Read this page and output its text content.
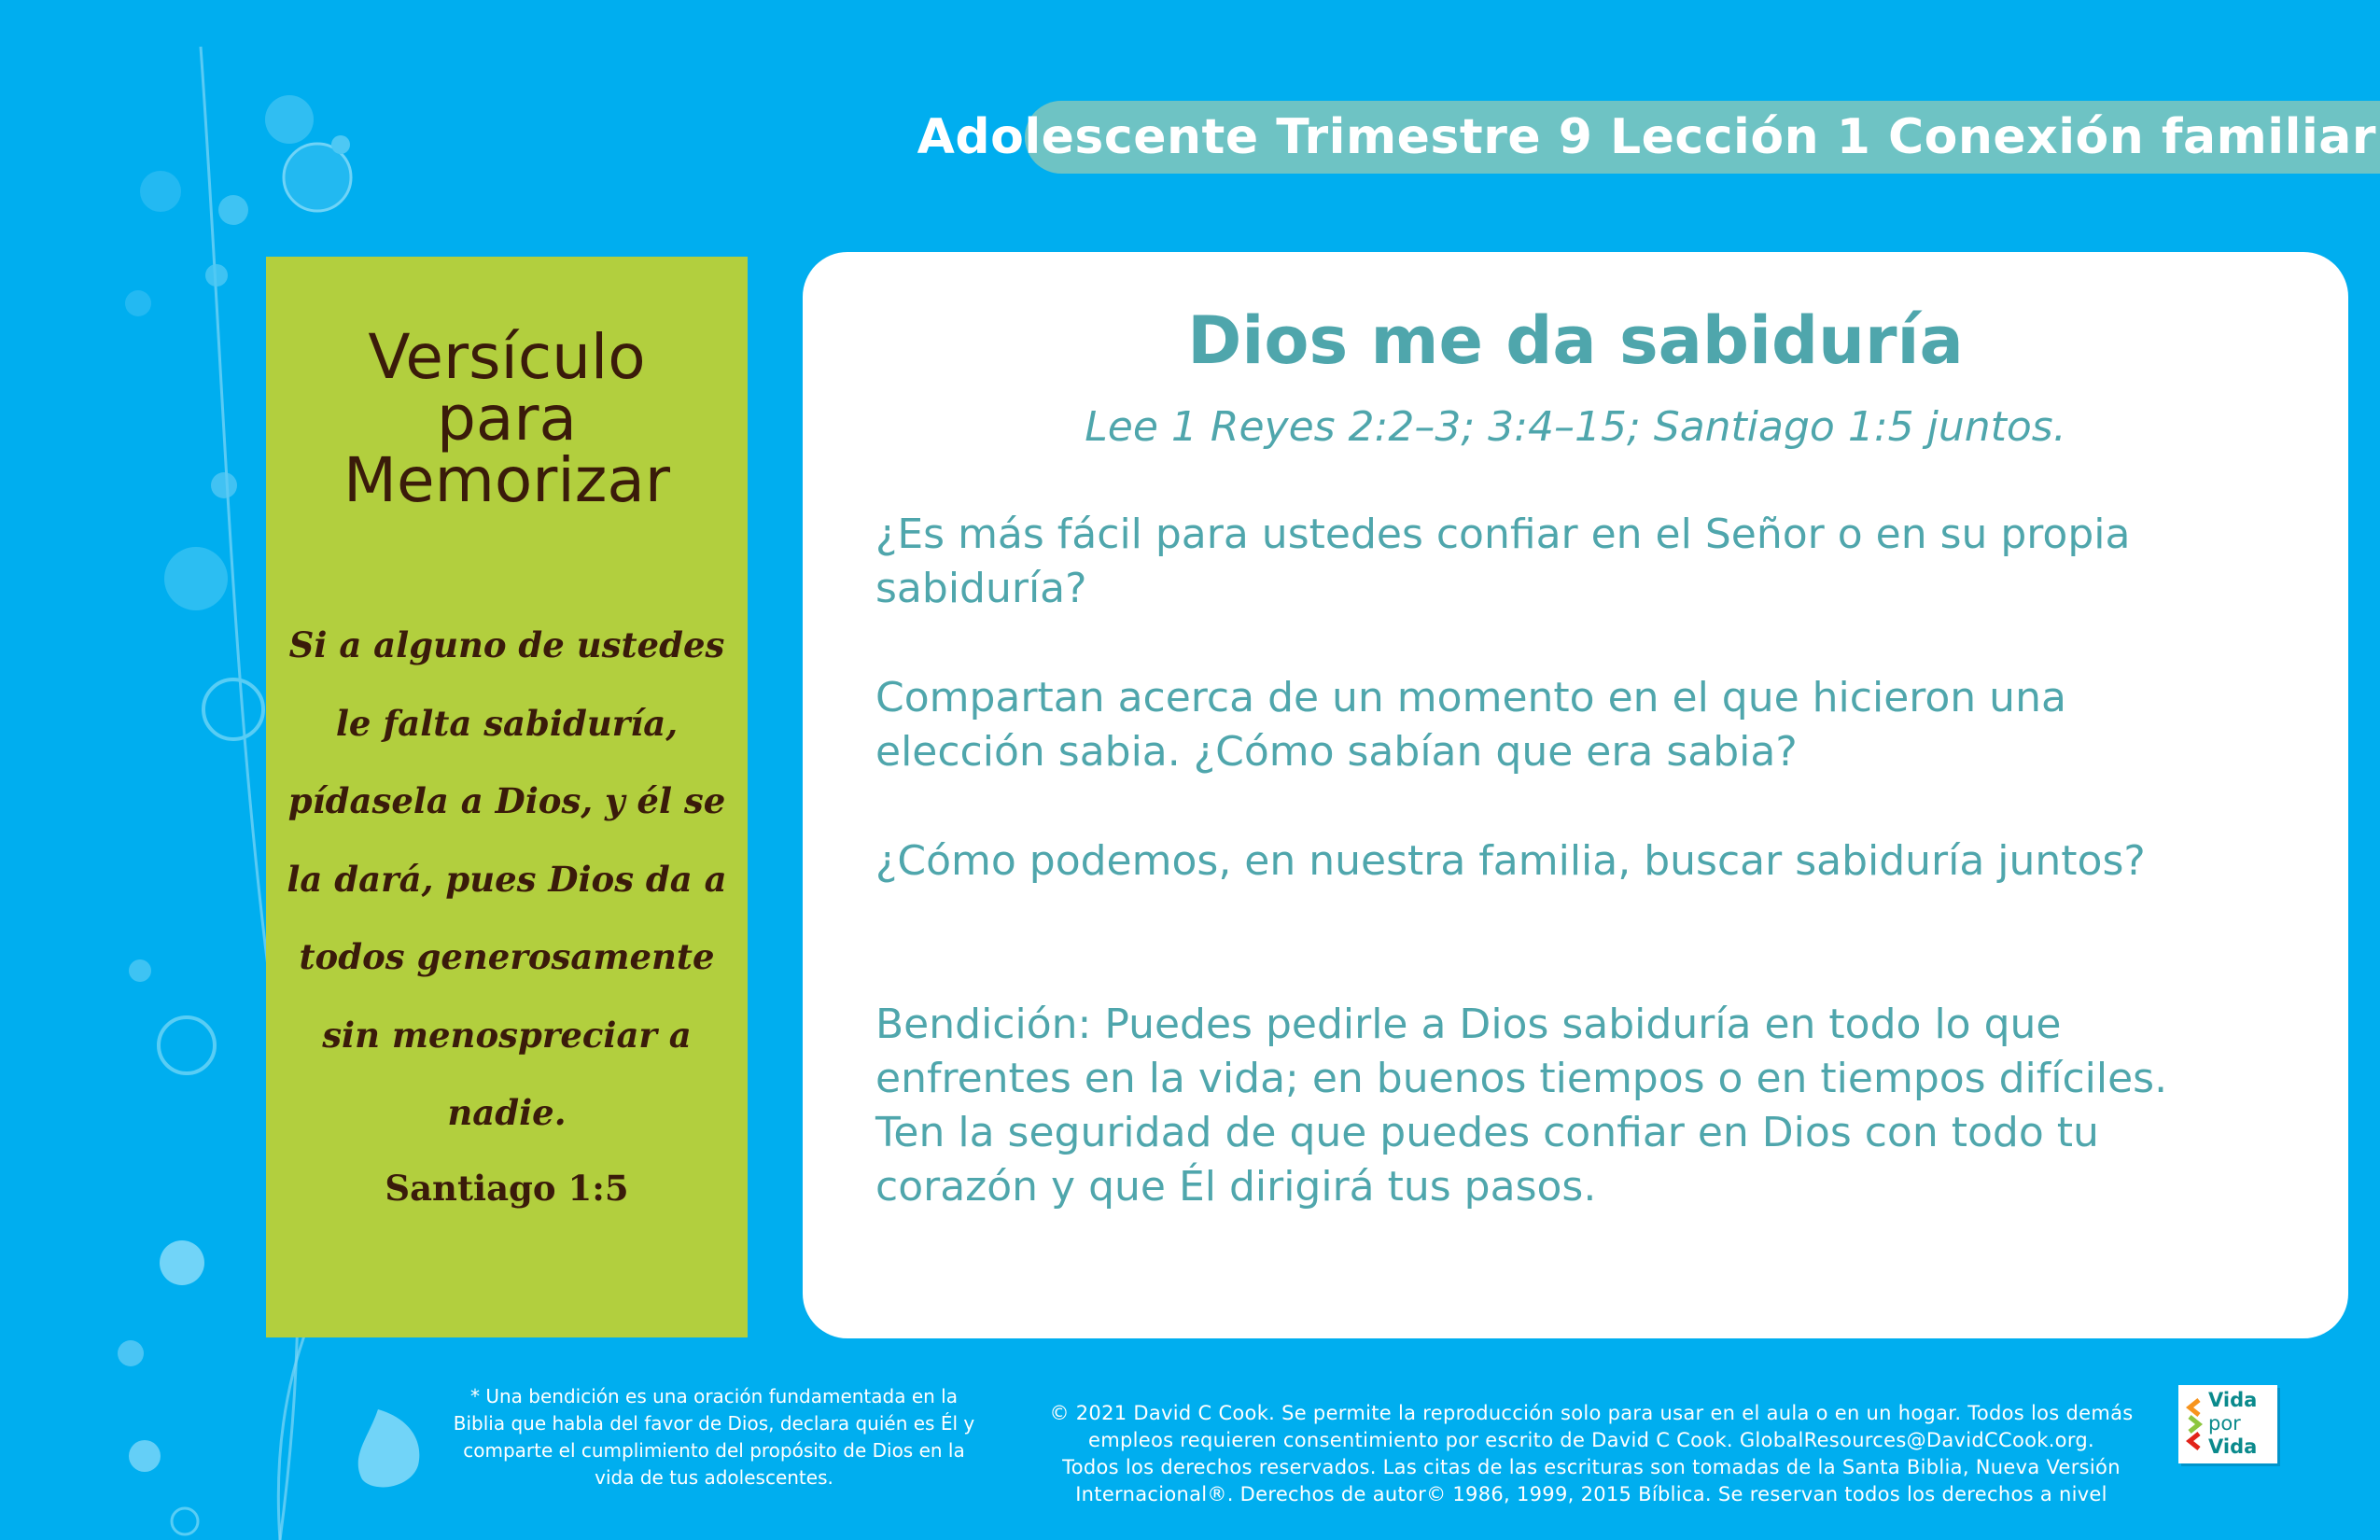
Adolescente Trimestre 9 Lección 1 Conexión familiar
Versículo
para
Memorizar
Si a alguno de ustedes
le falta sabiduría,
pídasela a Dios, y él se
la dará, pues Dios da a
todos generosamente
sin menospreciar a
nadie.
Santiago 1:5
Dios me da sabiduría
Lee 1 Reyes 2:2–3; 3:4–15; Santiago 1:5 juntos.
¿Es más fácil para ustedes confiar en el Señor o en su propia
sabiduría?
Compartan acerca de un momento en el que hicieron una
elección sabia. ¿Cómo sabían que era sabia?
¿Cómo podemos, en nuestra familia, buscar sabiduría juntos?
Bendición: Puedes pedirle a Dios sabiduría en todo lo que
enfrentes en la vida; en buenos tiempos o en tiempos difíciles.
Ten la seguridad de que puedes confiar en Dios con todo tu
corazón y que Él dirigirá tus pasos.
* Una bendición es una oración fundamentada en la
Biblia que habla del favor de Dios, declara quién es Él y
comparte el cumplimiento del propósito de Dios en la
vida de tus adolescentes.
© 2021 David C Cook. Se permite la reproducción solo para usar en el aula o en un hogar. Todos los demás
empleos requieren consentimiento por escrito de David C Cook. GlobalResources@DavidCCook.org.
Todos los derechos reservados. Las citas de las escrituras son tomadas de la Santa Biblia, Nueva Versión
Internacional®. Derechos de autor© 1986, 1999, 2015 Bíblica. Se reservan todos los derechos a nivel
Vida
por
Vida
